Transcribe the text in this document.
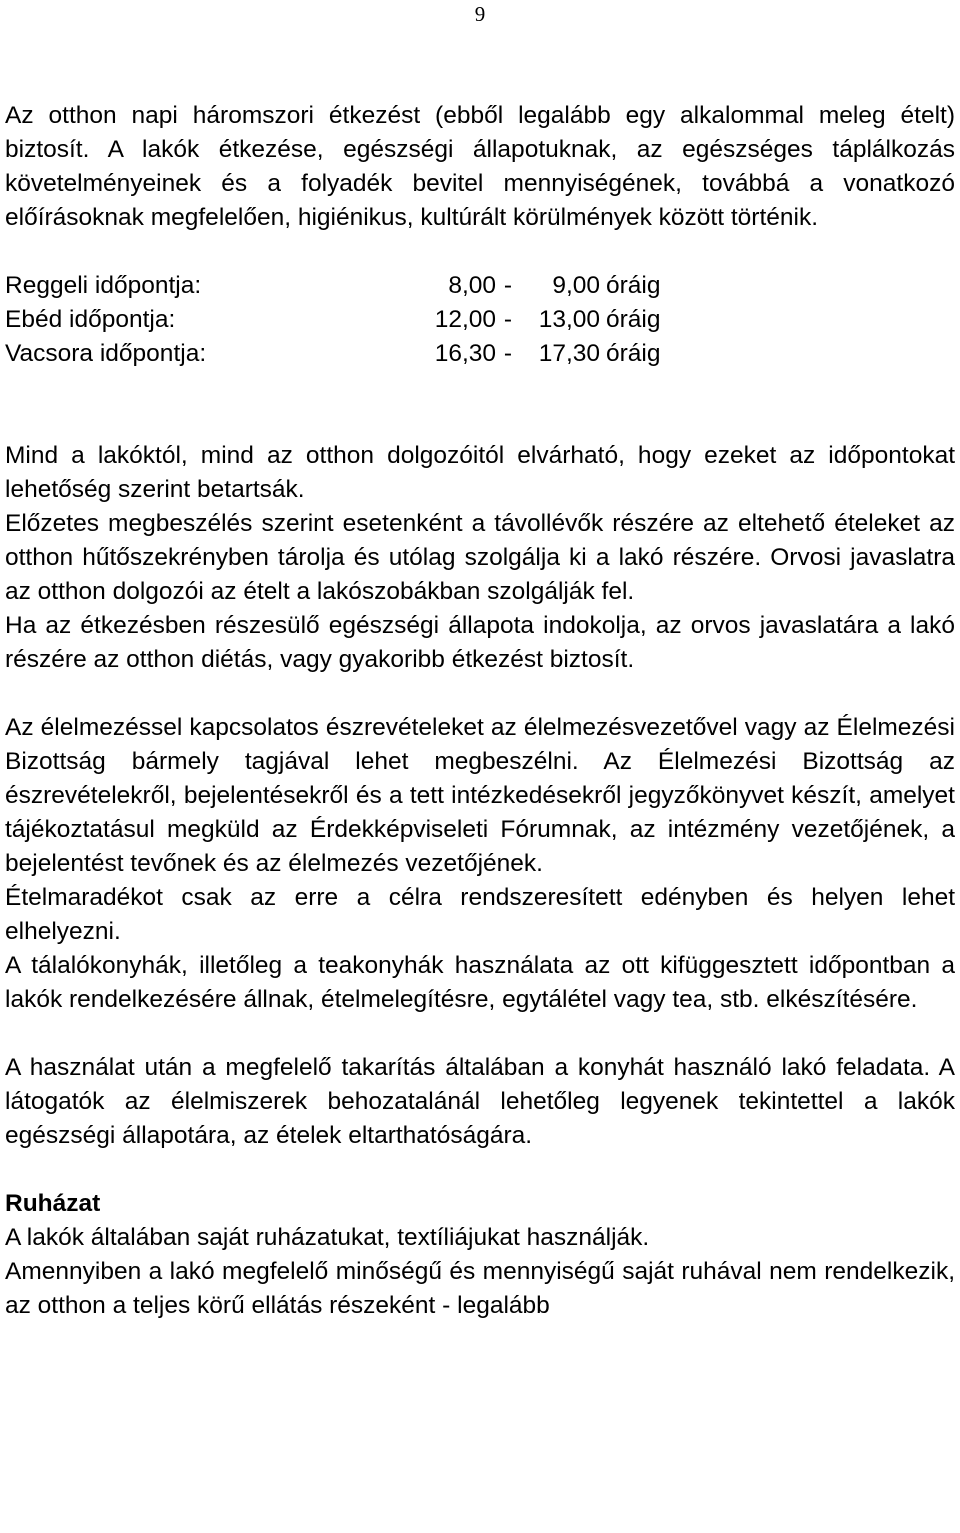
9

Az otthon napi háromszori étkezést (ebből legalább egy alkalommal meleg ételt) biztosít. A lakók étkezése, egészségi állapotuknak, az egészséges táplálkozás követelményeinek és a folyadék bevitel mennyiségének, továbbá a vonatkozó előírásoknak megfelelően, higiénikus, kultúrált körülmények között történik.

Reggeli időpontja:	8,00 -	9,00 óráig
Ebéd időpontja:	12,00 -	13,00 óráig
Vacsora időpontja:	16,30 -	17,30 óráig

Mind a lakóktól, mind az otthon dolgozóitól elvárható, hogy ezeket az időpontokat lehetőség szerint betartsák.

Előzetes megbeszélés szerint esetenként a távollévők részére az eltehető ételeket az otthon hűtőszekrényben tárolja és utólag szolgálja ki a lakó részére. Orvosi javaslatra az otthon dolgozói az ételt a lakószobákban szolgálják fel.

Ha az étkezésben részesülő egészségi állapota indokolja, az orvos javaslatára a lakó részére az otthon diétás, vagy gyakoribb étkezést biztosít.

Az élelmezéssel kapcsolatos észrevételeket az élelmezésvezetővel vagy az Élelmezési Bizottság bármely tagjával lehet megbeszélni. Az Élelmezési Bizottság az észrevételekről, bejelentésekről és a tett intézkedésekről jegyzőkönyvet készít, amelyet tájékoztatásul megküld az Érdekképviseleti Fórumnak, az intézmény vezetőjének, a bejelentést tevőnek és az élelmezés vezetőjének.

Ételmaradékot csak az erre a célra rendszeresített edényben és helyen lehet elhelyezni.

A tálalókonyhák, illetőleg a teakonyhák használata az ott kifüggesztett időpontban a lakók rendelkezésére állnak, ételmelegítésre, egytálétel vagy tea, stb. elkészítésére.

A használat után a megfelelő takarítás általában a konyhát használó lakó feladata. A látogatók az élelmiszerek behozatalánál lehetőleg legyenek tekintettel a lakók egészségi állapotára, az ételek eltarthatóságára.

Ruházat

A lakók általában saját ruházatukat, textíliájukat használják.

Amennyiben a lakó megfelelő minőségű és mennyiségű saját ruhával nem rendelkezik, az otthon a teljes körű ellátás részeként - legalább
